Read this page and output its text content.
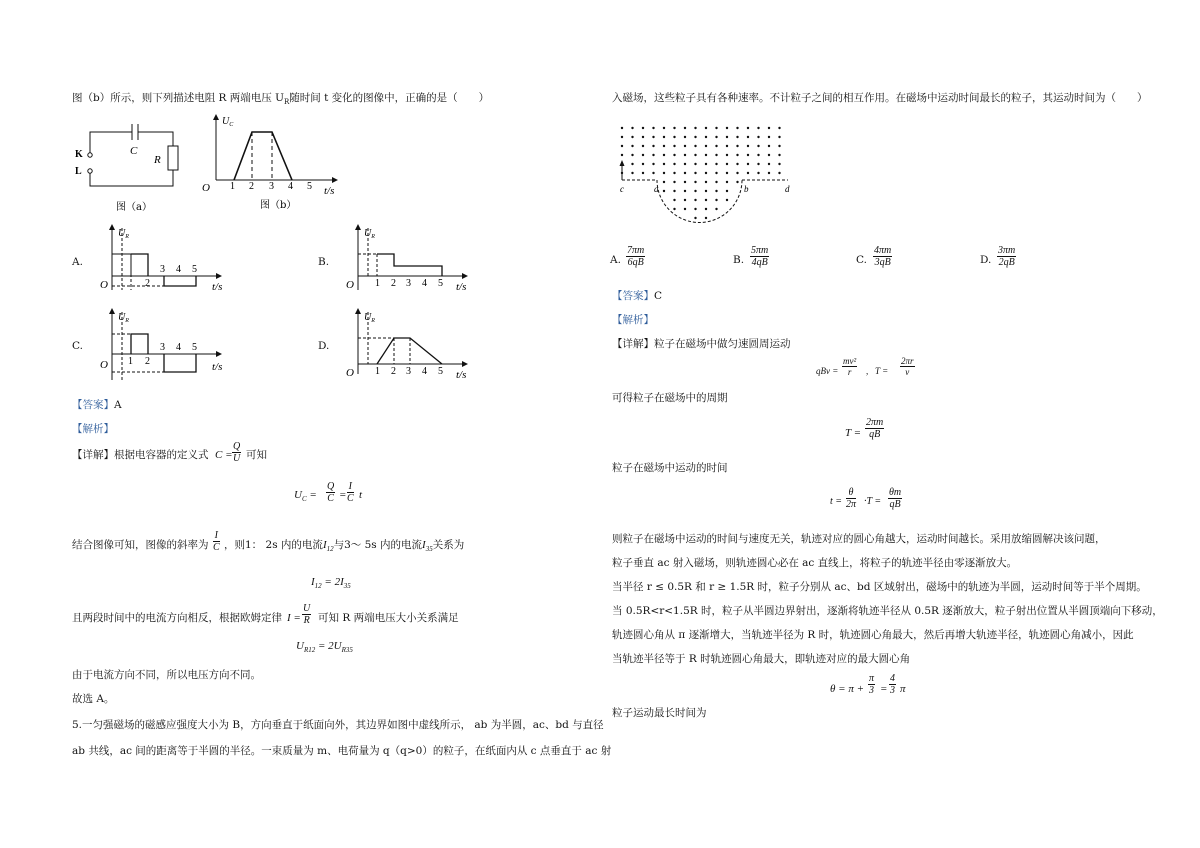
图（b）所示，则下列描述电阻 R 两端电压 $U_R$随时间 t 变化的图像中，正确的是（　　）
K
L
C
R
图（a）
$U_C$
O 1 2 3 4 5 t/s
图（b）
A.
$U_R$
O	2
3 4 5
t/s
B.
$U_R$
O 1 2 3 4 5 t/s
C.
$U_R$
O 1 2
3 4 5
t/s
D.
$U_R$
O 1 2 3 4 5 t/s
【答案】A
【解析】
【详解】根据电容器的定义式 $C = \frac{Q}{U}$ 可知
$U_C = \frac{Q}{C} = \frac{I}{C}$ t
结合图像可知，图像的斜率为 $\frac{I}{C}$ ，则1： 2s 内的电流$I_{12}$与3～ 5s 内的电流$I_{35}$关系为
$I_{12} = 2I_{35}$
且两段时间中的电流方向相反，根据欧姆定律 $I = \frac{U}{R}$ 可知 R 两端电压大小关系满足
$U_{R12} = 2U_{R35}$
由于电流方向不同，所以电压方向不同。
故选 A。
5.一匀强磁场的磁感应强度大小为 B，方向垂直于纸面向外，其边界如图中虚线所示， ab 为半圆，ac、bd 与直径
ab 共线，ac 间的距离等于半圆的半径。一束质量为 m、电荷量为 q（q>0）的粒子，在纸面内从 c 点垂直于 ac 射
入磁场，这些粒子具有各种速率。不计粒子之间的相互作用。在磁场中运动时间最长的粒子，其运动时间为（　　）
c	a	b	d
A. $\frac{7\pi m}{6qB}$	B. $\frac{5\pi m}{4qB}$	C. $\frac{4\pi m}{3qB}$	D. $\frac{3\pi m}{2qB}$
【答案】C
【解析】
【详解】粒子在磁场中做匀速圆周运动
qBv = $\frac{\text{mv²}}{r}$ ,   $T = \frac{2\pi r}{v}$
可得粒子在磁场中的周期
$T = \frac{2\pi m}{qB}$
粒子在磁场中运动的时间
$t = \frac{\theta}{2\pi} \cdot T = \frac{\theta m}{qB}$
则粒子在磁场中运动的时间与速度无关，轨迹对应的圆心角越大，运动时间越长。采用放缩圆解决该问题，
粒子垂直 ac 射入磁场，则轨迹圆心必在 ac 直线上，将粒子的轨迹半径由零逐渐放大。
当半径 r ≤ 0.5R 和 r ≥ 1.5R 时，粒子分别从 ac、bd 区域射出，磁场中的轨迹为半圆，运动时间等于半个周期。
当 0.5R<r<1.5R 时，粒子从半圆边界射出，逐渐将轨迹半径从 0.5R 逐渐放大，粒子射出位置从半圆顶端向下移动，
轨迹圆心角从 π 逐渐增大，当轨迹半径为 R 时，轨迹圆心角最大，然后再增大轨迹半径，轨迹圆心角减小，因此
当轨迹半径等于 R 时轨迹圆心角最大，即轨迹对应的最大圆心角
$\theta = \pi + \frac{\pi}{3} = \frac{4}{3}$ π
粒子运动最长时间为
